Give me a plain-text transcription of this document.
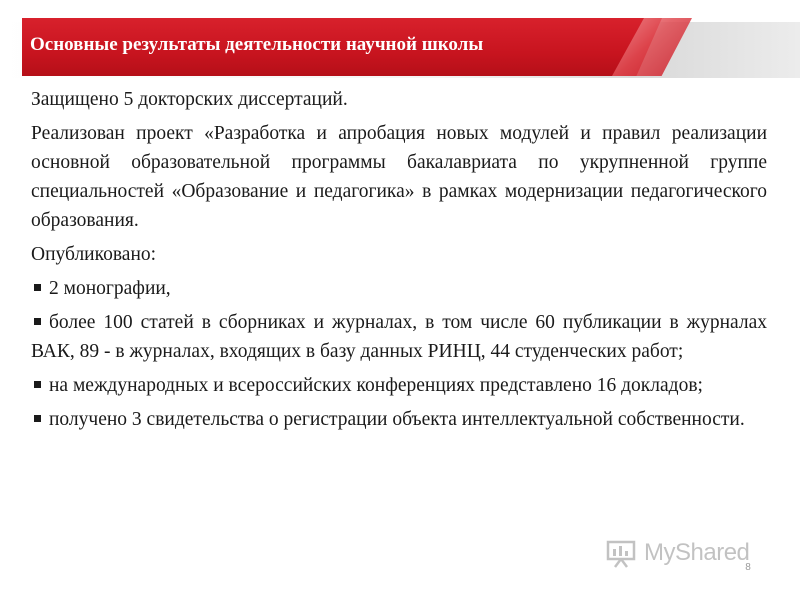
Основные результаты деятельности научной школы

Защищено 5 докторских диссертаций.

Реализован проект «Разработка и апробация новых модулей и правил реализации основной образовательной программы бакалавриата по укрупненной группе специальностей «Образование и педагогика» в рамках модернизации педагогического образования.

Опубликовано:

2 монографии,
более 100 статей в сборниках и журналах, в том числе 60 публикации в журналах ВАК, 89 - в журналах, входящих в базу данных РИНЦ, 44 студенческих работ;
на международных и всероссийских конференциях представлено 16 докладов;
получено 3 свидетельства о регистрации объекта интеллектуальной собственности.
MyShared
8
